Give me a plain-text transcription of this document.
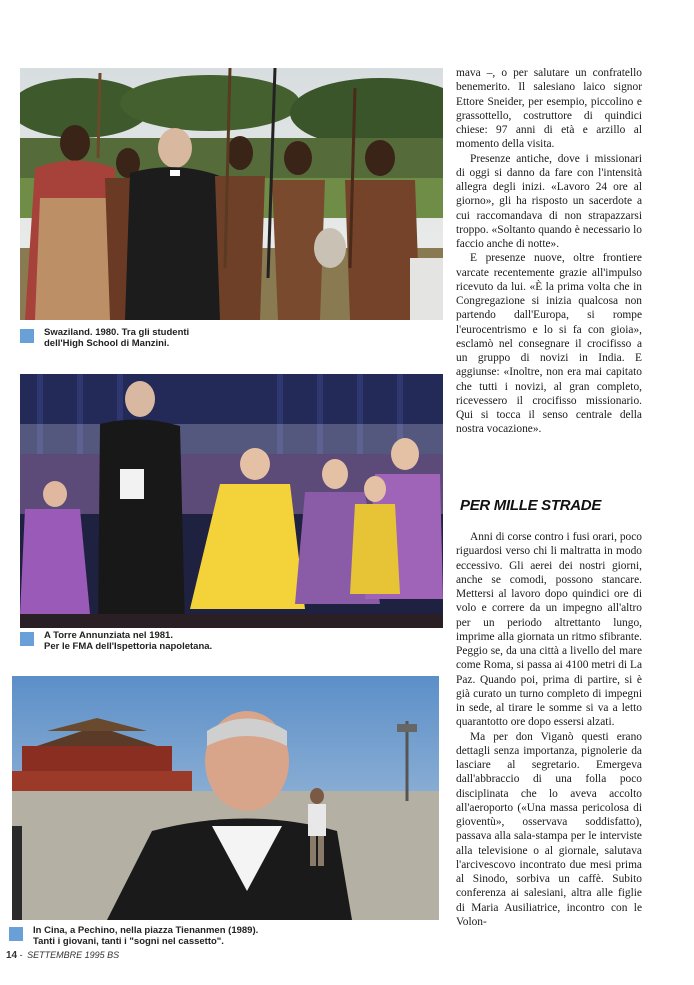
Swaziland. 1980. Tra gli studenti
dell'High School di Manzini.
A Torre Annunziata nel 1981.
Per le FMA dell'Ispettoria napoletana.
In Cina, a Pechino, nella piazza Tienanmen (1989).
Tanti i giovani, tanti i "sogni nel cassetto".

mava –, o per salutare un confratello benemerito. Il salesiano laico signor Ettore Sneider, per esempio, piccolino e grassottello, costruttore di quindici chiese: 97 anni di età e arzillo al momento della visita.

Presenze antiche, dove i missionari di oggi si danno da fare con l'intensità allegra degli inizi. «Lavoro 24 ore al giorno», gli ha risposto un sacerdote a cui raccomandava di non strapazzarsi troppo. «Soltanto quando è necessario lo faccio anche di notte».

E presenze nuove, oltre frontiere varcate recentemente grazie all'impulso ricevuto da lui. «È la prima volta che in Congregazione si inizia qualcosa non partendo dall'Europa, si rompe l'eurocentrismo e lo si fa con gioia», esclamò nel consegnare il crocifisso a un gruppo di novizi in India. E aggiunse: «Inoltre, non era mai capitato che tutti i novizi, al gran completo, ricevessero il crocifisso missionario. Qui si tocca il senso centrale della nostra vocazione».

PER MILLE STRADE

Anni di corse contro i fusi orari, poco riguardosi verso chi li maltratta in modo eccessivo. Gli aerei dei nostri giorni, anche se comodi, possono stancare. Mettersi al lavoro dopo quindici ore di volo e correre da un impegno all'altro per un periodo altrettanto lungo, imprime alla giornata un ritmo sfibrante. Peggio se, da una città a livello del mare come Roma, si passa ai 4100 metri di La Paz. Quando poi, prima di partire, si è già curato un turno completo di impegni in sede, al tirare le somme si va a letto quarantotto ore dopo essersi alzati.

Ma per don Viganò questi erano dettagli senza importanza, pignolerie da lasciare al segretario. Emergeva dall'abbraccio di una folla poco disciplinata che lo aveva accolto all'aeroporto («Una massa pericolosa di gioventù», osservava soddisfatto), passava alla sala-stampa per le interviste alla televisione o al giornale, salutava l'arcivescovo incontrato due mesi prima al Sinodo, sorbiva un caffè. Subito conferenza ai salesiani, altra alle figlie di Maria Ausiliatrice, incontro con le Volon-

14 - SETTEMBRE 1995 BS
